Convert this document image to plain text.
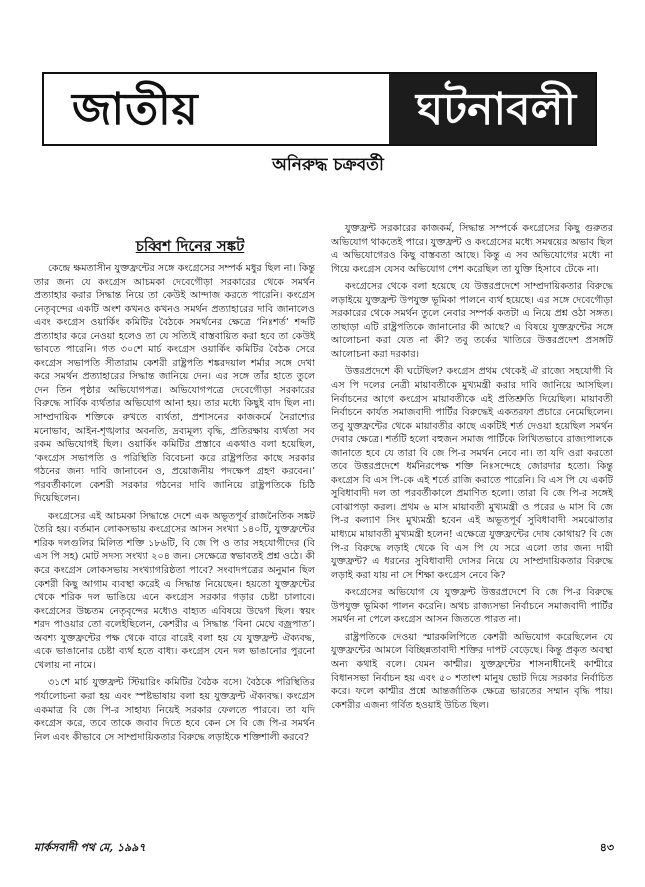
জাতীয়	ঘটনাবলী
অনিরুদ্ধ চক্রবর্তী
চব্বিশ দিনের সঙ্কট

কেন্দ্রে ক্ষমতাসীন যুক্তফ্রন্টের সঙ্গে কংগ্রেসের সম্পর্ক মধুর ছিল না। কিন্তু তার জন্য যে কংগ্রেস আচমকা দেবেগৌড়া সরকারের থেকে সমর্থন প্রত্যাহার করার সিদ্ধান্ত নিয়ে তা কেউই আন্দাজ করতে পারেনি। কংগ্রেস নেতৃবৃন্দের একটি অংশ কখনও কখনও সমর্থন প্রত্যাহারের দাবি জানালেও এবং কংগ্রেস ওয়ার্কিং কমিটির বৈঠকে সমর্থনের ক্ষেত্রে ‘নিঃশর্ত’ শব্দটি প্রত্যাহার করে নেওয়া হলেও তা যে সত্যিই বাস্তবায়িত করা হবে তা কেউই ভাবতে পারেনি। গত ৩০শে মার্চ কংগ্রেস ওয়ার্কিং কমিটির বৈঠক সেরে কংগ্রেস সভাপতি সীতারাম কেশরী রাষ্ট্রপতি শঙ্করদয়াল শর্মার সঙ্গে দেখা করে সমর্থন প্রত্যাহারের সিদ্ধান্ত জানিয়ে দেন। এর সঙ্গে তাঁর হাতে তুলে দেন তিন পৃষ্ঠার অভিযোগপত্র। অভিযোগপত্রে দেবেগৌড়া সরকারের বিরুদ্ধে সার্বিক ব্যর্থতার অভিযোগ আনা হয়। তার মধ্যে কিছুই বাদ ছিল না। সাম্প্রদায়িক শক্তিকে রুখতে ব্যর্থতা, প্রশাসনের কাজকর্মে নৈরাশ্যের মনোভাব, আইন-শৃঙ্খলার অবনতি, দ্রব্যমূল্য বৃদ্ধি, প্রতিরক্ষায় ব্যর্থতা সব রকম অভিযোগই ছিল। ওয়ার্কিং কমিটির প্রস্তাবে একথাও বলা হয়েছিল, ‘কংগ্রেস সভাপতি ও পরিস্থিতি বিবেচনা করে রাষ্ট্রপতির কাছে সরকার গঠনের জন্য দাবি জানাবেন ও, প্রয়োজনীয় পদক্ষেপ গ্রহণ করবেন।’ পরবর্তীকালে কেশরী সরকার গঠনের দাবি জানিয়ে রাষ্ট্রপতিকে চিঠি দিয়েছিলেন।

কংগ্রেসের এই আচমকা সিদ্ধান্তে দেশে এক অভূতপূর্ব রাজনৈতিক সঙ্কট তৈরি হয়। বর্তমান লোকসভায় কংগ্রেসের আসন সংখ্যা ১৪০টি, যুক্তফ্রন্টের শরিক দলগুলির মিলিত শক্তি ১৮৬টি, বি জে পি ও তার সহযোগীদের (বি এস পি সহ) মোট সদস্য সংখ্যা ২০৪ জন। সেক্ষেত্রে স্বভাবতই প্রশ্ন ওঠে। কী করে কংগ্রেস লোকসভায় সংখ্যাগরিষ্ঠতা পাবে? সংবাদপত্রের অনুমান ছিল কেশরী কিছু আগাম ব্যবস্থা করেই এ সিদ্ধান্ত নিয়েছেন। হয়তো যুক্তফ্রন্টের থেকে শরিক দল ভাঙিয়ে এনে কংগ্রেস সরকার গড়ার চেষ্টা চালাবে। কংগ্রেসের উচ্চতম নেতৃবৃন্দের মধ্যেও বাহ্যত এবিষয়ে উদ্বেগ ছিল। স্বয়ং শরদ পাওয়ার তো বলেইছিলেন, কেশরীর এ সিদ্ধান্ত ‘বিনা মেঘে বজ্রপাত’। অবশ্য যুক্তফ্রন্টের পক্ষ থেকে বারে বারেই বলা হয় যে যুক্তফ্রন্ট ঐক্যবদ্ধ, একে ভাঙানোর চেষ্টা ব্যর্থ হতে বাধ্য। কংগ্রেস যেন দল ভাঙানোর পুরনো খেলায় না নামে।

৩১শে মার্চ যুক্তফ্রন্ট স্টিয়ারিং কমিটির বৈঠক বসে। বৈঠকে পরিস্থিতির পর্যালোচনা করা হয় এবং স্পষ্টভাষায় বলা হয় যুক্তফ্রন্ট ঐক্যবদ্ধ। কংগ্রেস একমাত্র বি জে পি-র সাহায্য নিয়েই সরকার ফেলতে পারবে। তা যদি কংগ্রেস করে, তবে তাকে জবাব দিতে হবে কেন সে বি জে পি-র সমর্থন নিল এবং কীভাবে সে সাম্প্রদায়িকতার বিরুদ্ধে লড়াইকে শক্তিশালী করবে?

যুক্তফ্রন্ট সরকারের কাজকর্ম, সিদ্ধান্ত সম্পর্কে কংগ্রেসের কিছু গুরুতর অভিযোগ থাকতেই পারে। যুক্তফ্রন্ট ও কংগ্রেসের মধ্যে সমন্বয়ের অভাব ছিল এ অভিযোগেরও কিছু বাস্তবতা আছে। কিন্তু এ সব অভিযোগের মধ্যে না গিয়ে কংগ্রেস যেসব অভিযোগ পেশ করেছিল তা যুক্তি হিসাবে টেকে না।

কংগ্রেসের থেকে বলা হয়েছে যে উত্তরপ্রদেশে সাম্প্রদায়িকতার বিরুদ্ধে লড়াইয়ে যুক্তফ্রন্ট উপযুক্ত ভূমিকা পালনে ব্যর্থ হয়েছে। এর সঙ্গে দেবেগৌড়া সরকারের থেকে সমর্থন তুলে নেবার সম্পর্ক কতটা এ নিয়ে প্রশ্ন ওঠা সঙ্গত। তাছাড়া এটি রাষ্ট্রপতিকে জানানোর কী আছে? এ বিষয়ে যুক্তফ্রন্টের সঙ্গে আলোচনা করা যেত না কী? তবু তর্কের খাতিরে উত্তরপ্রদেশ প্রসঙ্গটি আলোচনা করা দরকার।

উত্তরপ্রদেশে কী ঘটেছিল? কংগ্রেস প্রথম থেকেই ঐ রাজ্যে সহযোগী বি এস পি দলের নেত্রী মায়াবতীকে মুখ্যমন্ত্রী করার দাবি জানিয়ে আসছিল। নির্বাচনের আগে কংগ্রেস মায়াবতীকে এই প্রতিশ্রুতি দিয়েছিল। মায়াবতী নির্বাচনে কার্যত সমাজবাদী পার্টির বিরুদ্ধেই একতরফা প্রচারে নেমেছিলেন। তবু যুক্তফ্রন্টের থেকে মায়াবতীর কাছে একটিই শর্ত দেওয়া হয়েছিল সমর্থন দেবার ক্ষেত্রে। শর্তটি হলো বহুজন সমাজ পার্টিকে লিখিতভাবে রাজ্যপালকে জানাতে হবে যে তারা বি জে পি-র সমর্থন নেবে না। তা যদি ওরা করতো তবে উত্তরপ্রদেশে ধর্মনিরপেক্ষ শক্তি নিঃসন্দেহে জোরদার হতো। কিন্তু কংগ্রেস বি এস পি-কে এই শর্তে রাজি করাতে পারেনি। বি এস পি যে একটি সুবিধাবাদী দল তা পরবর্তীকালে প্রমাণিত হলো। তারা বি জে পি-র সঙ্গেই বোঝাপড়া করল। প্রথম ৬ মাস মায়াবতী মুখ্যমন্ত্রী ও পরের ৬ মাস বি জে পি-র কল্যাণ সিং মুখ্যমন্ত্রী হবেন এই অভূতপূর্ব সুবিধাবাদী সমঝোতার মাধ্যমে মায়াবতী মুখ্যমন্ত্রী হলেন! এক্ষেত্রে যুক্তফ্রন্টের দোষ কোথায়? বি জে পি-র বিরুদ্ধে লড়াই থেকে বি এস পি যে সরে এলো তার জন্য দায়ী যুক্তফ্রন্ট? এ ধরনের সুবিধাবাদী দোসর নিয়ে যে সাম্প্রদায়িকতার বিরুদ্ধে লড়াই করা যায় না সে শিক্ষা কংগ্রেস নেবে কি?

কংগ্রেসের অভিযোগ যে যুক্তফ্রন্ট উত্তরপ্রদেশে বি জে পি-র বিরুদ্ধে উপযুক্ত ভূমিকা পালন করেনি। অথচ রাজ্যসভা নির্বাচনে সমাজবাদী পার্টির সমর্থন না পেলে কংগ্রেস আসন জিততে পারত না।

রাষ্ট্রপতিকে দেওয়া স্মারকলিপিতে কেশরী অভিযোগ করেছিলেন যে যুক্তফ্রন্টের আমলে বিচ্ছিন্নতাবাদী শক্তির দাপট বেড়েছে। কিন্তু প্রকৃত অবস্থা অন্য কথাই বলে। যেমন কাশ্মীর। যুক্তফ্রন্টের শাসনাধীনেই কাশ্মীরে বিধানসভা নির্বাচন হয় এবং ৫০ শতাংশ মানুষ ভোট দিয়ে সরকার নির্বাচিত করে। ফলে কাশ্মীর প্রশ্নে আন্তর্জাতিক ক্ষেত্রে ভারতের সম্মান বৃদ্ধি পায়। কেশরীর এজন্য গর্বিত হওয়াই উচিত ছিল।

মার্কসবাদী পথ মে, ১৯৯৭	৪৩
